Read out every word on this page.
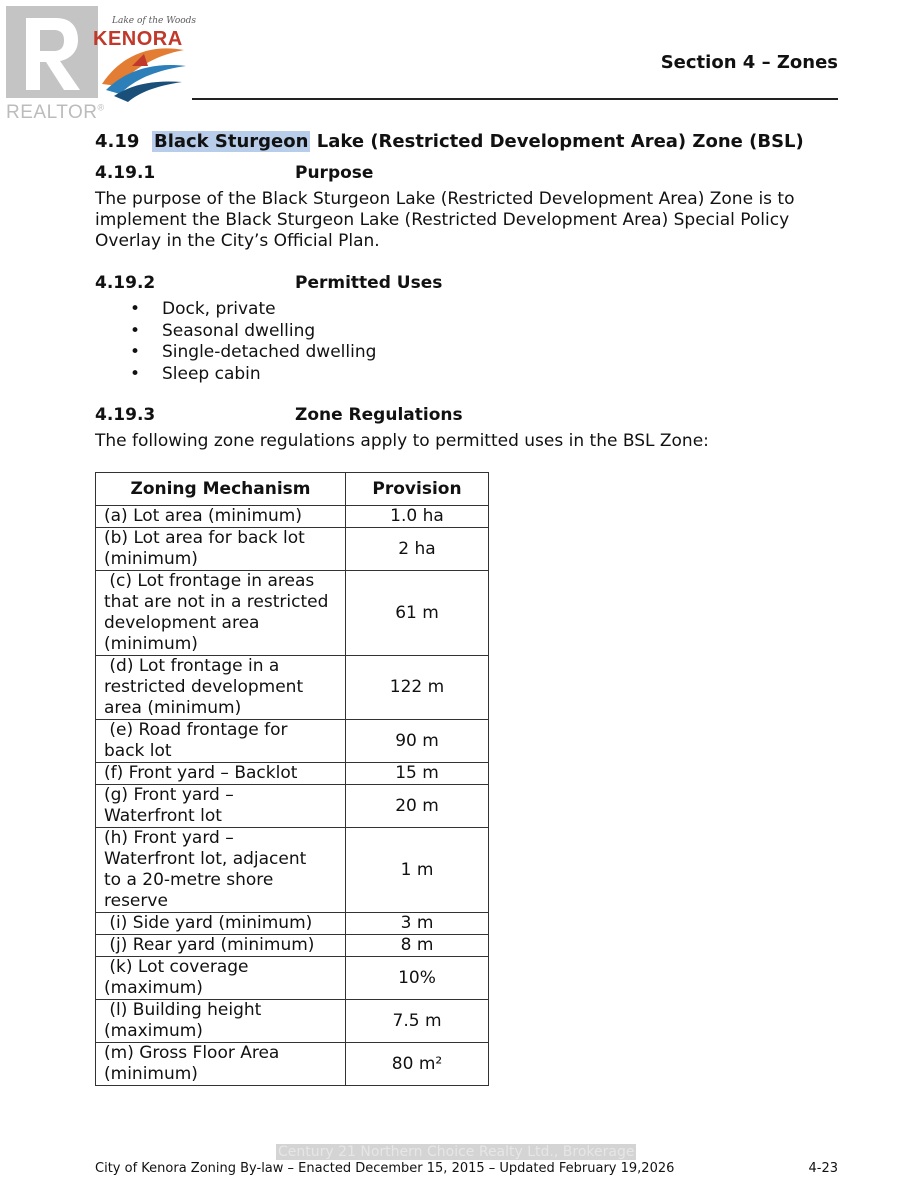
REALTOR®
Lake of the Woods
KENORA
Section 4 – Zones
4.19 Black Sturgeon Lake (Restricted Development Area) Zone (BSL)
4.19.1	Purpose
The purpose of the Black Sturgeon Lake (Restricted Development Area) Zone is to
implement the Black Sturgeon Lake (Restricted Development Area) Special Policy
Overlay in the City’s Official Plan.
4.19.2	Permitted Uses
• Dock, private
• Seasonal dwelling
• Single-detached dwelling
• Sleep cabin
4.19.3	Zone Regulations
The following zone regulations apply to permitted uses in the BSL Zone:
Zoning Mechanism	Provision

(a) Lot area (minimum)	1.0 ha

(b) Lot area for back lot
(minimum)	2 ha

(c) Lot frontage in areas
that are not in a restricted
development area
(minimum)	61 m

(d) Lot frontage in a
restricted development
area (minimum)	122 m

(e) Road frontage for
back lot	90 m

(f) Front yard – Backlot	15 m

(g) Front yard –
Waterfront lot	20 m

(h) Front yard –
Waterfront lot, adjacent
to a 20-metre shore
reserve	1 m

(i) Side yard (minimum)	3 m

(j) Rear yard (minimum)	8 m

(k) Lot coverage
(maximum)	10%

(l) Building height
(maximum)	7.5 m

(m) Gross Floor Area
(minimum)	80 m²
Century 21 Northern Choice Realty Ltd., Brokerage
City of Kenora Zoning By-law – Enacted December 15, 2015 – Updated February 19,2026	4-23
